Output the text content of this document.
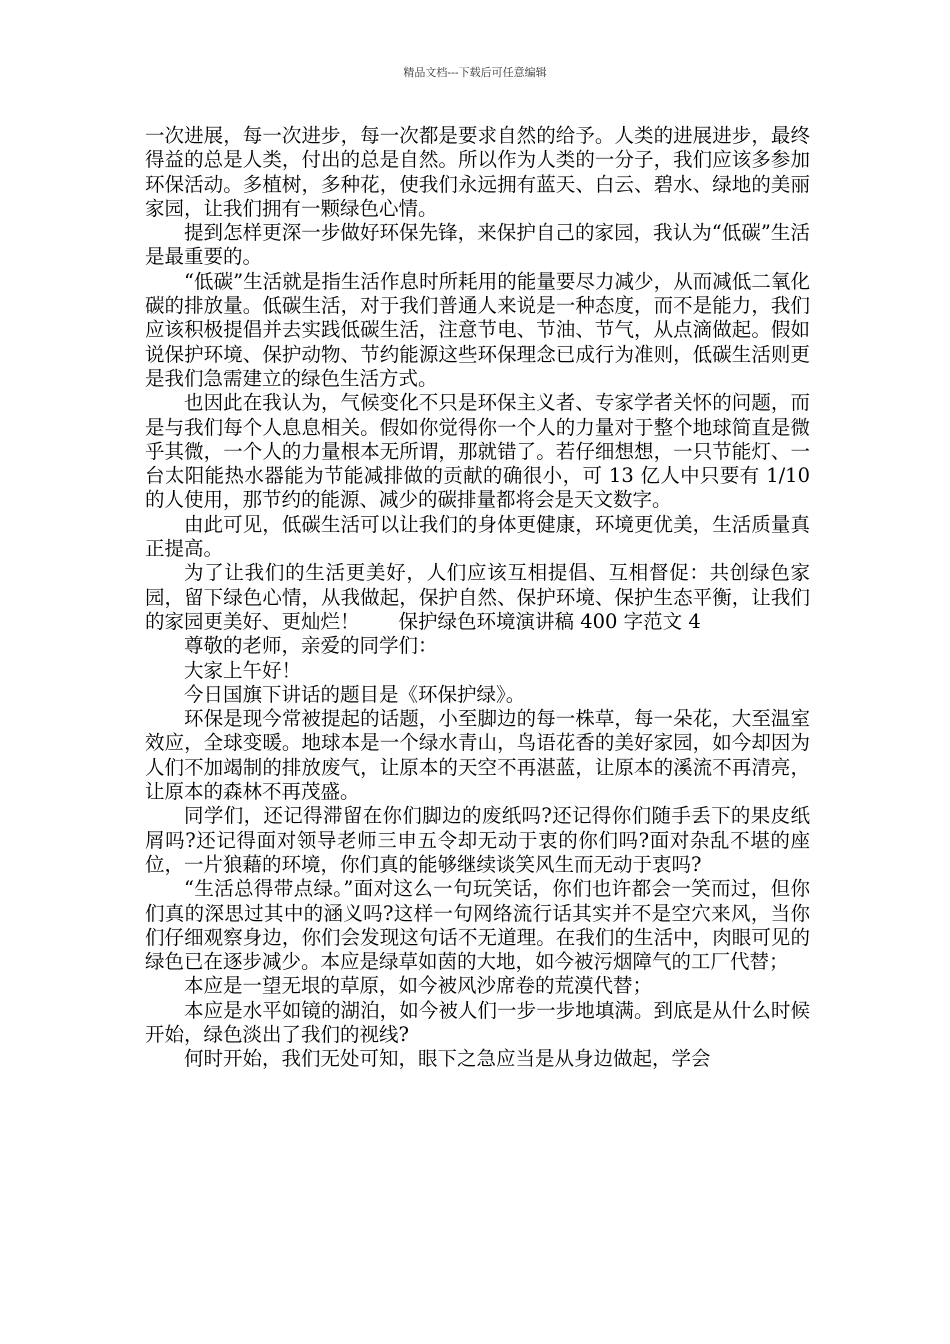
精品文档---下载后可任意编辑

一次进展，每一次进步，每一次都是要求自然的给予。人类的进展进步，最终得益的总是人类，付出的总是自然。所以作为人类的一分子，我们应该多参加环保活动。多植树，多种花，使我们永远拥有蓝天、白云、碧水、绿地的美丽家园，让我们拥有一颗绿色心情。

提到怎样更深一步做好环保先锋，来保护自己的家园，我认为“低碳”生活是最重要的。

“低碳”生活就是指生活作息时所耗用的能量要尽力减少，从而减低二氧化碳的排放量。低碳生活，对于我们普通人来说是一种态度，而不是能力，我们应该积极提倡并去实践低碳生活，注意节电、节油、节气，从点滴做起。假如说保护环境、保护动物、节约能源这些环保理念已成行为准则，低碳生活则更是我们急需建立的绿色生活方式。

也因此在我认为，气候变化不只是环保主义者、专家学者关怀的问题，而是与我们每个人息息相关。假如你觉得你一个人的力量对于整个地球简直是微乎其微，一个人的力量根本无所谓，那就错了。若仔细想想，一只节能灯、一台太阳能热水器能为节能减排做的贡献的确很小，可 13 亿人中只要有 1/10 的人使用，那节约的能源、减少的碳排量都将会是天文数字。

由此可见，低碳生活可以让我们的身体更健康，环境更优美，生活质量真正提高。

为了让我们的生活更美好，人们应该互相提倡、互相督促：共创绿色家园，留下绿色心情，从我做起，保护自然、保护环境、保护生态平衡，让我们的家园更美好、更灿烂！　　保护绿色环境演讲稿 400 字范文 4

尊敬的老师，亲爱的同学们：

大家上午好！

今日国旗下讲话的题目是《环保护绿》。

环保是现今常被提起的话题，小至脚边的每一株草，每一朵花，大至温室效应，全球变暖。地球本是一个绿水青山，鸟语花香的美好家园，如今却因为人们不加竭制的排放废气，让原本的天空不再湛蓝，让原本的溪流不再清亮，让原本的森林不再茂盛。

同学们，还记得滞留在你们脚边的废纸吗?还记得你们随手丢下的果皮纸屑吗?还记得面对领导老师三申五令却无动于衷的你们吗?面对杂乱不堪的座位，一片狼藉的环境，你们真的能够继续谈笑风生而无动于衷吗?

“生活总得带点绿。”面对这么一句玩笑话，你们也许都会一笑而过，但你们真的深思过其中的涵义吗?这样一句网络流行话其实并不是空穴来风，当你们仔细观察身边，你们会发现这句话不无道理。在我们的生活中，肉眼可见的绿色已在逐步减少。本应是绿草如茵的大地，如今被污烟障气的工厂代替；

本应是一望无垠的草原，如今被风沙席卷的荒漠代替；

本应是水平如镜的湖泊，如今被人们一步一步地填满。到底是从什么时候开始，绿色淡出了我们的视线?

何时开始，我们无处可知，眼下之急应当是从身边做起，学会
